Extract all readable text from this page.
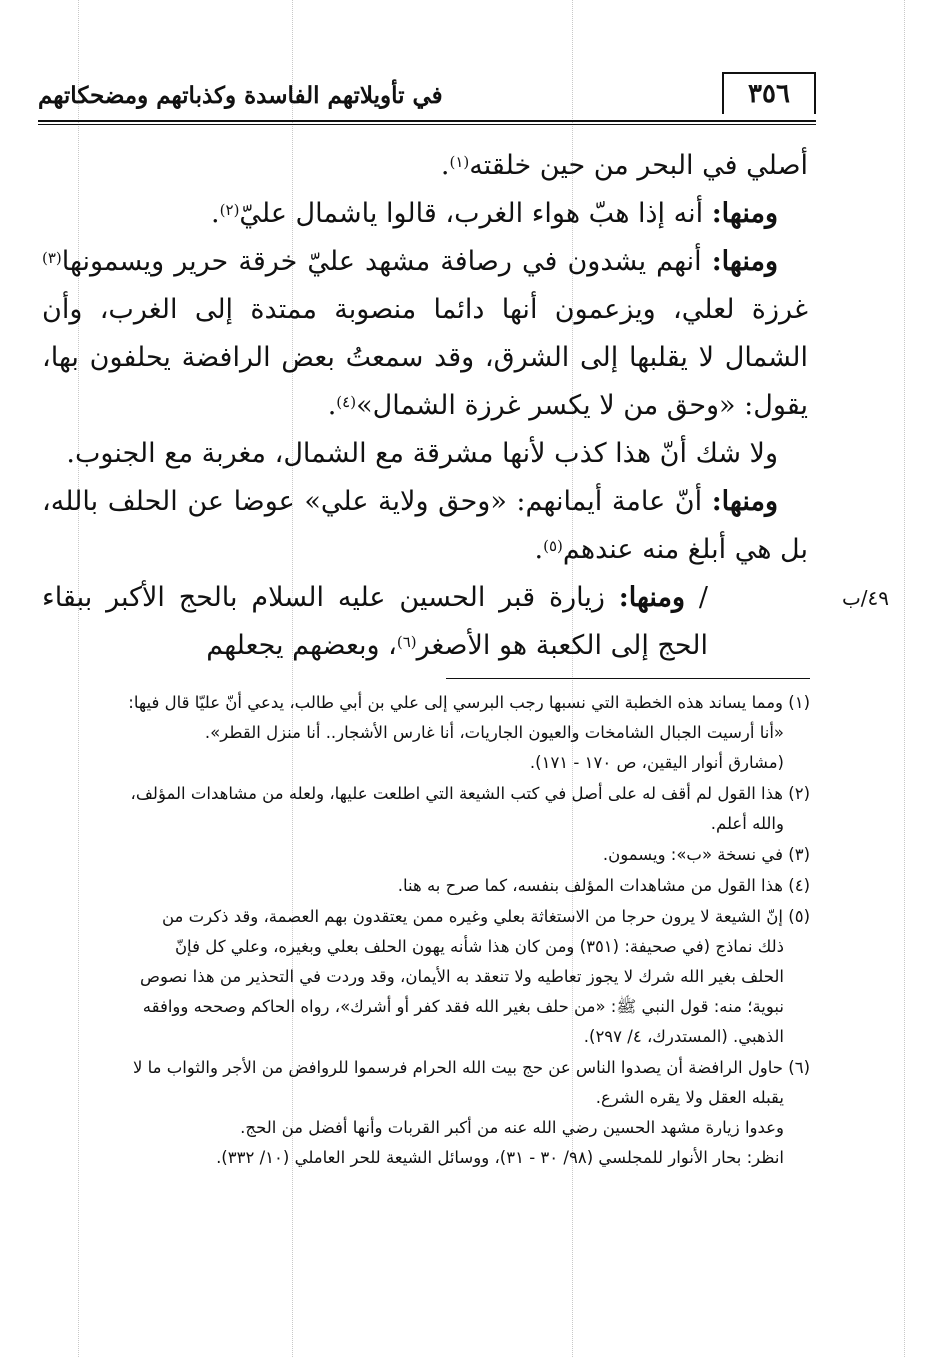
٣٥٦
في تأويلاتهم الفاسدة وكذباتهم ومضحكاتهم

أصلي في البحر من حين خلقته$^{(١)}$.

ومنها: أنه إذا هبّ هواء الغرب، قالوا ياشمال عليّ$^{(٢)}$.

ومنها: أنهم يشدون في رصافة مشهد عليّ خرقة حرير ويسمونها$^{(٣)}$ غرزة لعلي، ويزعمون أنها دائما منصوبة ممتدة إلى الغرب، وأن الشمال لا يقلبها إلى الشرق، وقد سمعتُ بعض الرافضة يحلفون بها، يقول: «وحق من لا يكسر غرزة الشمال»$^{(٤)}$.

ولا شك أنّ هذا كذب لأنها مشرقة مع الشمال، مغربة مع الجنوب.

ومنها: أنّ عامة أيمانهم: «وحق ولاية علي» عوضا عن الحلف بالله، بل هي أبلغ منه عندهم$^{(٥)}$.

٤٩/ب
/ ومنها: زيارة قبر الحسين عليه السلام بالحج الأكبر ببقاء الحج إلى الكعبة هو الأصغر$^{(٦)}$، وبعضهم يجعلهم

(١) ومما يساند هذه الخطبة التي نسبها رجب البرسي إلى علي بن أبي طالب، يدعي أنّ عليّا قال فيها:
«أنا أرسيت الجبال الشامخات والعيون الجاريات، أنا غارس الأشجار.. أنا منزل القطر».
(مشارق أنوار اليقين، ص ١٧٠ - ١٧١).

(٢) هذا القول لم أقف له على أصل في كتب الشيعة التي اطلعت عليها، ولعله من مشاهدات المؤلف،
والله أعلم.

(٣) في نسخة «ب»: ويسمون.

(٤) هذا القول من مشاهدات المؤلف بنفسه، كما صرح به هنا.

(٥) إنّ الشيعة لا يرون حرجا من الاستغاثة بعلي وغيره ممن يعتقدون بهم العصمة، وقد ذكرت من
ذلك نماذج (في صحيفة: (٣٥١) ومن كان هذا شأنه يهون الحلف بعلي وبغيره، وعلي كل فإنّ
الحلف بغير الله شرك لا يجوز تعاطيه ولا تنعقد به الأيمان، وقد وردت في التحذير من هذا نصوص
نبوية؛ منه: قول النبي ﷺ: «من حلف بغير الله فقد كفر أو أشرك»، رواه الحاكم وصححه ووافقه
الذهبي. (المستدرك، ٤/ ٢٩٧).

(٦) حاول الرافضة أن يصدوا الناس عن حج بيت الله الحرام فرسموا للروافض من الأجر والثواب ما لا
يقبله العقل ولا يقره الشرع.
وعدوا زيارة مشهد الحسين رضي الله عنه من أكبر القربات وأنها أفضل من الحج.
انظر: بحار الأنوار للمجلسي (٩٨/ ٣٠ - ٣١)، ووسائل الشيعة للحر العاملي (١٠/ ٣٣٢).
